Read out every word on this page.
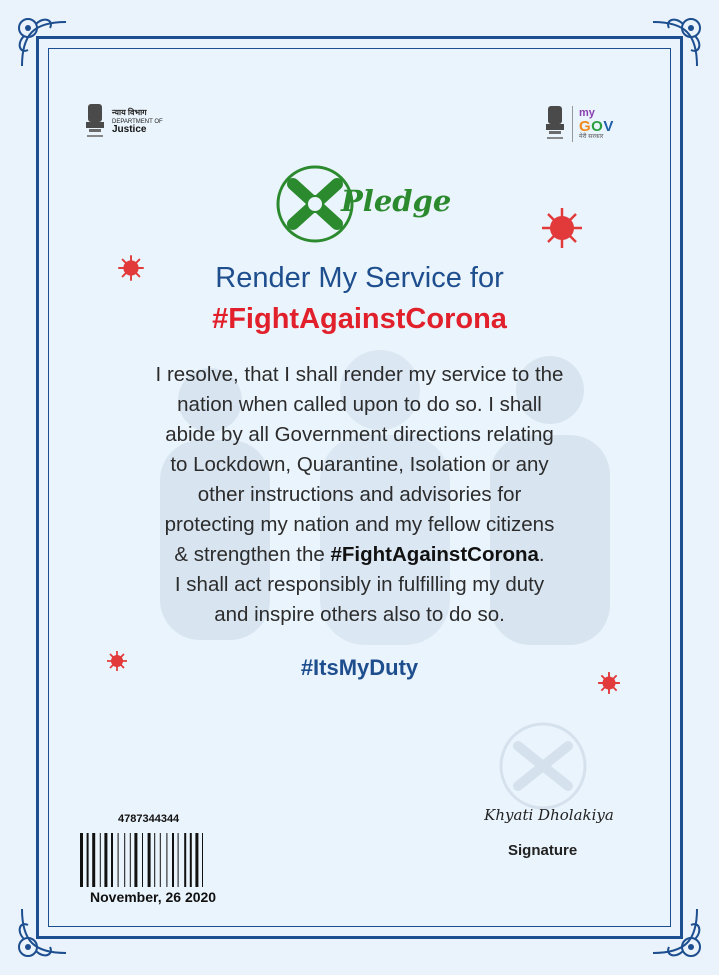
न्याय विभाग
DEPARTMENT OF
Justice
my
GOV
मेरी सरकार
Pledge
Render My Service for
#FightAgainstCorona
I resolve, that I shall render my service to the
nation when called upon to do so. I shall
abide by all Government directions relating
to Lockdown, Quarantine, Isolation or any
other instructions and advisories for
protecting my nation and my fellow citizens
& strengthen the #FightAgainstCorona.
I shall act responsibly in fulfilling my duty
and inspire others also to do so.
#ItsMyDuty
4787344344
November, 26 2020
Khyati Dholakiya
Signature
